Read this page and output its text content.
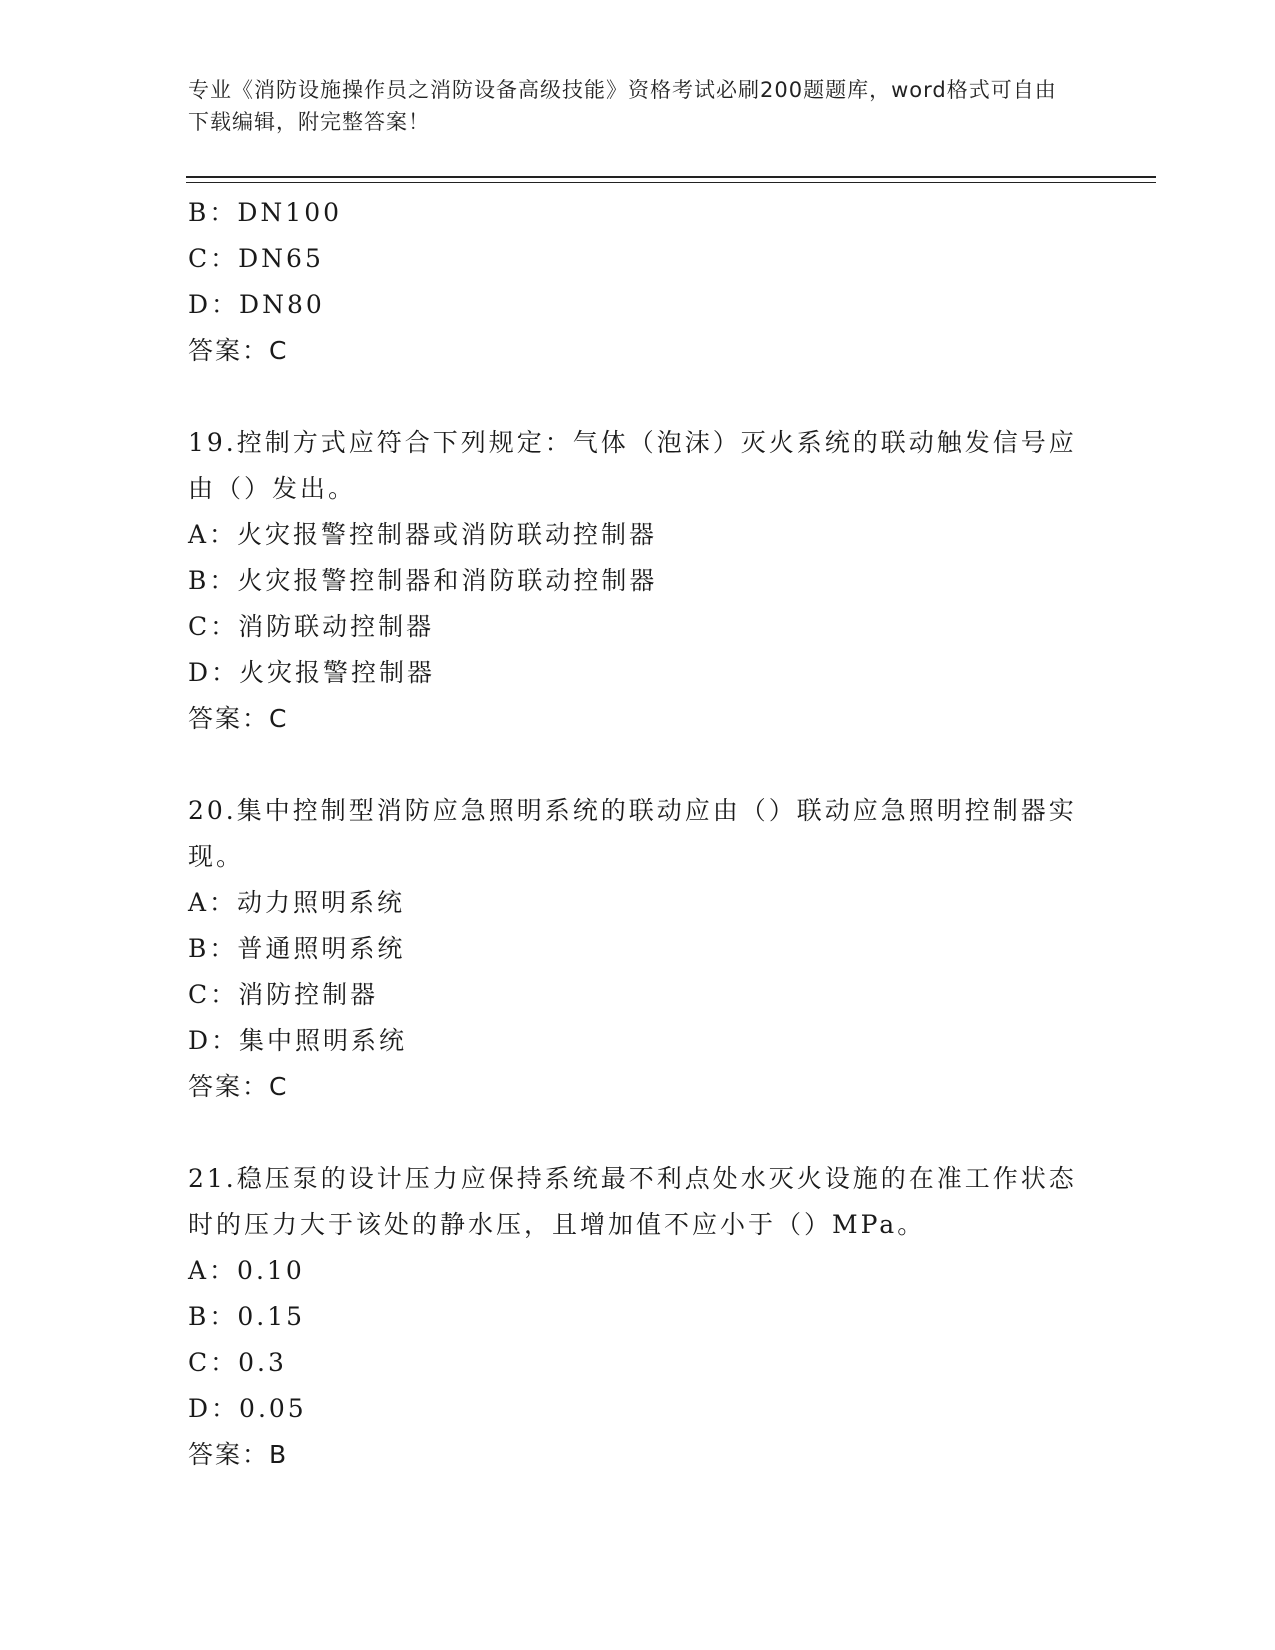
专业《消防设施操作员之消防设备高级技能》资格考试必刷200题题库，word格式可自由下载编辑，附完整答案！
B：DN100
C：DN65
D：DN80
答案：C
19.控制方式应符合下列规定：气体（泡沫）灭火系统的联动触发信号应由（）发出。
A：火灾报警控制器或消防联动控制器
B：火灾报警控制器和消防联动控制器
C：消防联动控制器
D：火灾报警控制器
答案：C
20.集中控制型消防应急照明系统的联动应由（）联动应急照明控制器实现。
A：动力照明系统
B：普通照明系统
C：消防控制器
D：集中照明系统
答案：C
21.稳压泵的设计压力应保持系统最不利点处水灭火设施的在准工作状态时的压力大于该处的静水压，且增加值不应小于（）MPa。
A：0.10
B：0.15
C：0.3
D：0.05
答案：B
